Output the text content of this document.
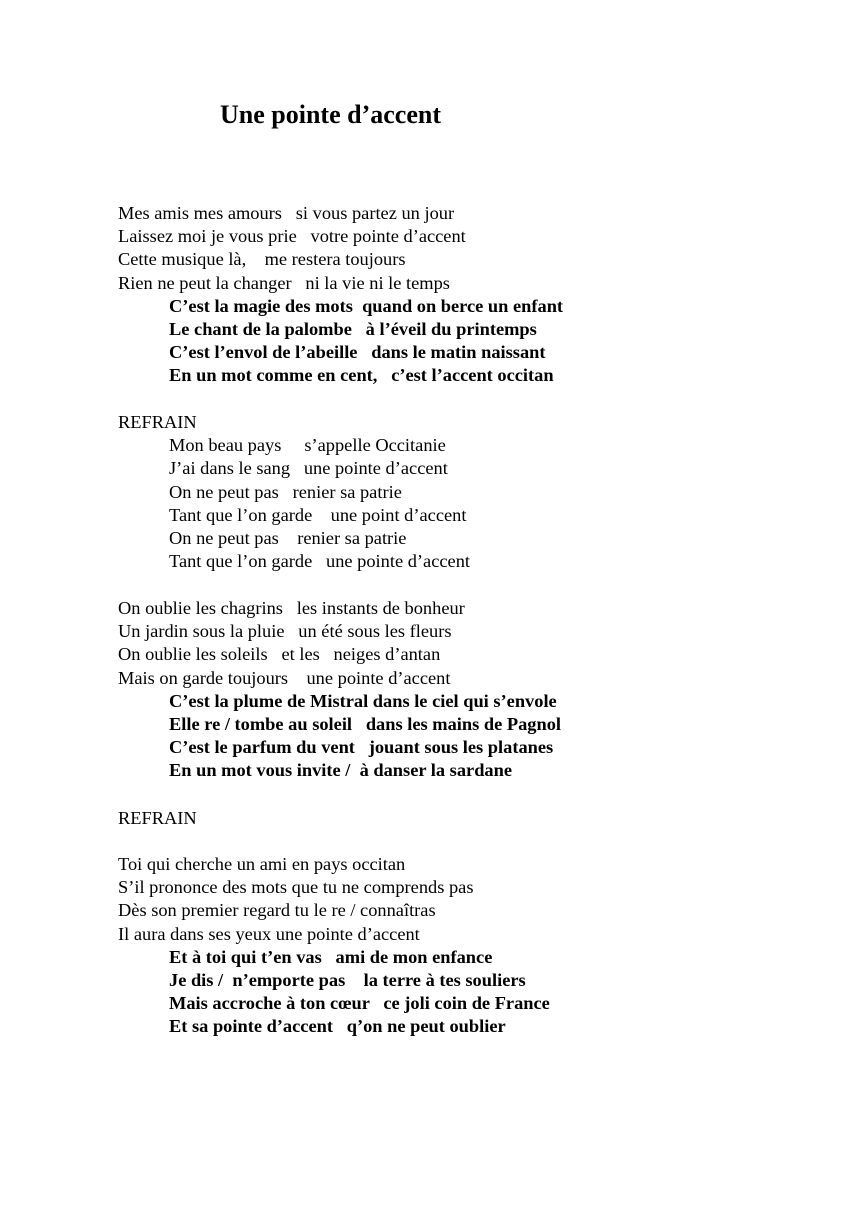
Une pointe d’accent
Mes amis mes amours   si vous partez un jour
Laissez moi je vous prie   votre pointe d’accent
Cette musique là,    me restera toujours
Rien ne peut la changer   ni la vie ni le temps
C’est la magie des mots  quand on berce un enfant
Le chant de la palombe   à l’éveil du printemps
C’est l’envol de l’abeille   dans le matin naissant
En un mot comme en cent,   c’est l’accent occitan
REFRAIN
Mon beau pays     s’appelle Occitanie
J’ai dans le sang   une pointe d’accent
On ne peut pas   renier sa patrie
Tant que l’on garde    une point d’accent
On ne peut pas    renier sa patrie
Tant que l’on garde   une pointe d’accent
On oublie les chagrins   les instants de bonheur
Un jardin sous la pluie   un été sous les fleurs
On oublie les soleils   et les   neiges d’antan
Mais on garde toujours    une pointe d’accent
C’est la plume de Mistral dans le ciel qui s’envole
Elle re / tombe au soleil   dans les mains de Pagnol
C’est le parfum du vent   jouant sous les platanes
En un mot vous invite /  à danser la sardane
REFRAIN
Toi qui cherche un ami en pays occitan
S’il prononce des mots que tu ne comprends pas
Dès son premier regard tu le re / connaîtras
Il aura dans ses yeux une pointe d’accent
Et à toi qui t’en vas   ami de mon enfance
Je dis /  n’emporte pas    la terre à tes souliers
Mais accroche à ton cœur   ce joli coin de France
Et sa pointe d’accent   q’on ne peut oublier
